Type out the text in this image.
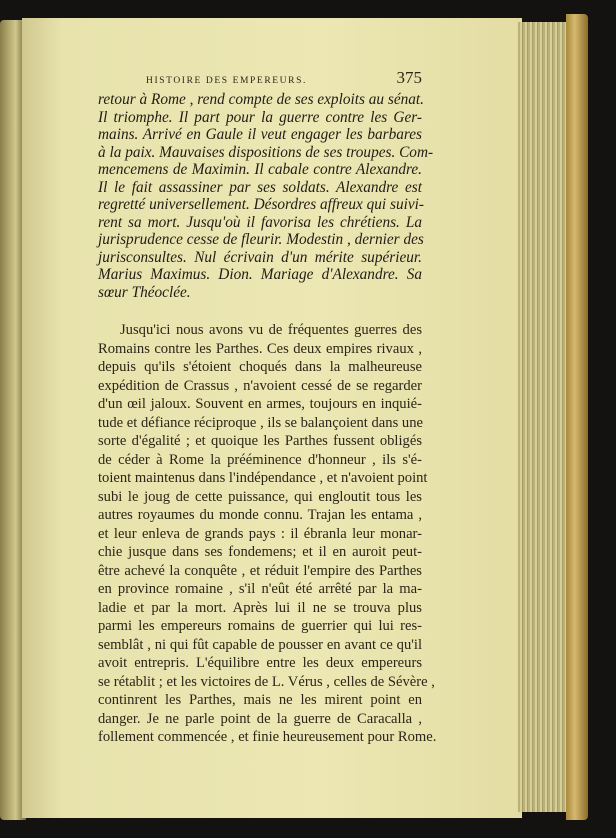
HISTOIRE DES EMPEREURS.	375
retour à Rome , rend compte de ses exploits au sénat.
Il triomphe. Il part pour la guerre contre les Ger-
mains. Arrivé en Gaule il veut engager les barbares
à la paix. Mauvaises dispositions de ses troupes. Com-
mencemens de Maximin. Il cabale contre Alexandre.
Il le fait assassiner par ses soldats. Alexandre est
regretté universellement. Désordres affreux qui suivi-
rent sa mort. Jusqu'où il favorisa les chrétiens. La
jurisprudence cesse de fleurir. Modestin , dernier des
jurisconsultes. Nul écrivain d'un mérite supérieur.
Marius Maximus. Dion. Mariage d'Alexandre. Sa
sœur Théoclée.
Jusqu'ici nous avons vu de fréquentes guerres des
Romains contre les Parthes. Ces deux empires rivaux ,
depuis qu'ils s'étoient choqués dans la malheureuse
expédition de Crassus , n'avoient cessé de se regarder
d'un œil jaloux. Souvent en armes, toujours en inquié-
tude et défiance réciproque , ils se balançoient dans une
sorte d'égalité ; et quoique les Parthes fussent obligés
de céder à Rome la prééminence d'honneur , ils s'é-
toient maintenus dans l'indépendance , et n'avoient point
subi le joug de cette puissance, qui engloutit tous les
autres royaumes du monde connu. Trajan les entama ,
et leur enleva de grands pays : il ébranla leur monar-
chie jusque dans ses fondemens; et il en auroit peut-
être achevé la conquête , et réduit l'empire des Parthes
en province romaine , s'il n'eût été arrêté par la ma-
ladie et par la mort. Après lui il ne se trouva plus
parmi les empereurs romains de guerrier qui lui res-
semblât , ni qui fût capable de pousser en avant ce qu'il
avoit entrepris. L'équilibre entre les deux empereurs
se rétablit ; et les victoires de L. Vérus , celles de Sévère ,
continrent les Parthes, mais ne les mirent point en
danger. Je ne parle point de la guerre de Caracalla ,
follement commencée , et finie heureusement pour Rome.
